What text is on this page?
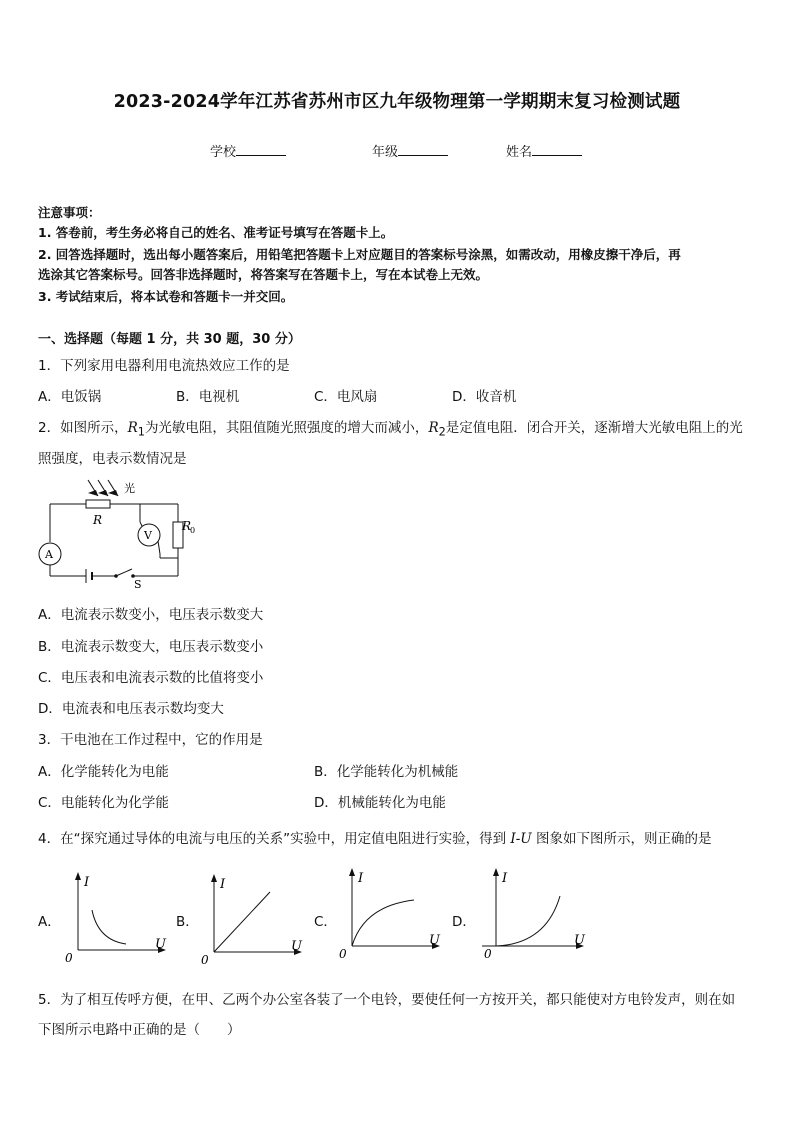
2023-2024学年江苏省苏州市区九年级物理第一学期期末复习检测试题
学校	年级	姓名
注意事项：
1. 答卷前，考生务必将自己的姓名、准考证号填写在答题卡上。
2. 回答选择题时，选出每小题答案后，用铅笔把答题卡上对应题目的答案标号涂黑，如需改动，用橡皮擦干净后，再
选涂其它答案标号。回答非选择题时，将答案写在答题卡上，写在本试卷上无效。
3. 考试结束后，将本试卷和答题卡一并交回。
一、选择题（每题 1 分，共 30 题，30 分）
1．下列家用电器利用电流热效应工作的是
A．电饭锅	B．电视机	C．电风扇	D．收音机
2．如图所示，$R_1$为光敏电阻，其阻值随光照强度的增大而减小，$R_2$是定值电阻．闭合开关，逐渐增大光敏电阻上的光
照强度，电表示数情况是
光
R	R
0
V
A
S
A．电流表示数变小，电压表示数变大
B．电流表示数变大，电压表示数变小
C．电压表和电流表示数的比值将变小
D．电流表和电压表示数均变大
3．干电池在工作过程中，它的作用是
A．化学能转化为电能	B．化学能转化为机械能
C．电能转化为化学能	D．机械能转化为电能
4．在“探究通过导体的电流与电压的关系”实验中，用定值电阻进行实验，得到 I-U 图象如下图所示，则正确的是
A．
I
U
0
B．
I
U
0
C．
I
U
0
D．
I
U
0
5．为了相互传呼方便，在甲、乙两个办公室各装了一个电铃，要使任何一方按开关，都只能使对方电铃发声，则在如
下图所示电路中正确的是（　　）
